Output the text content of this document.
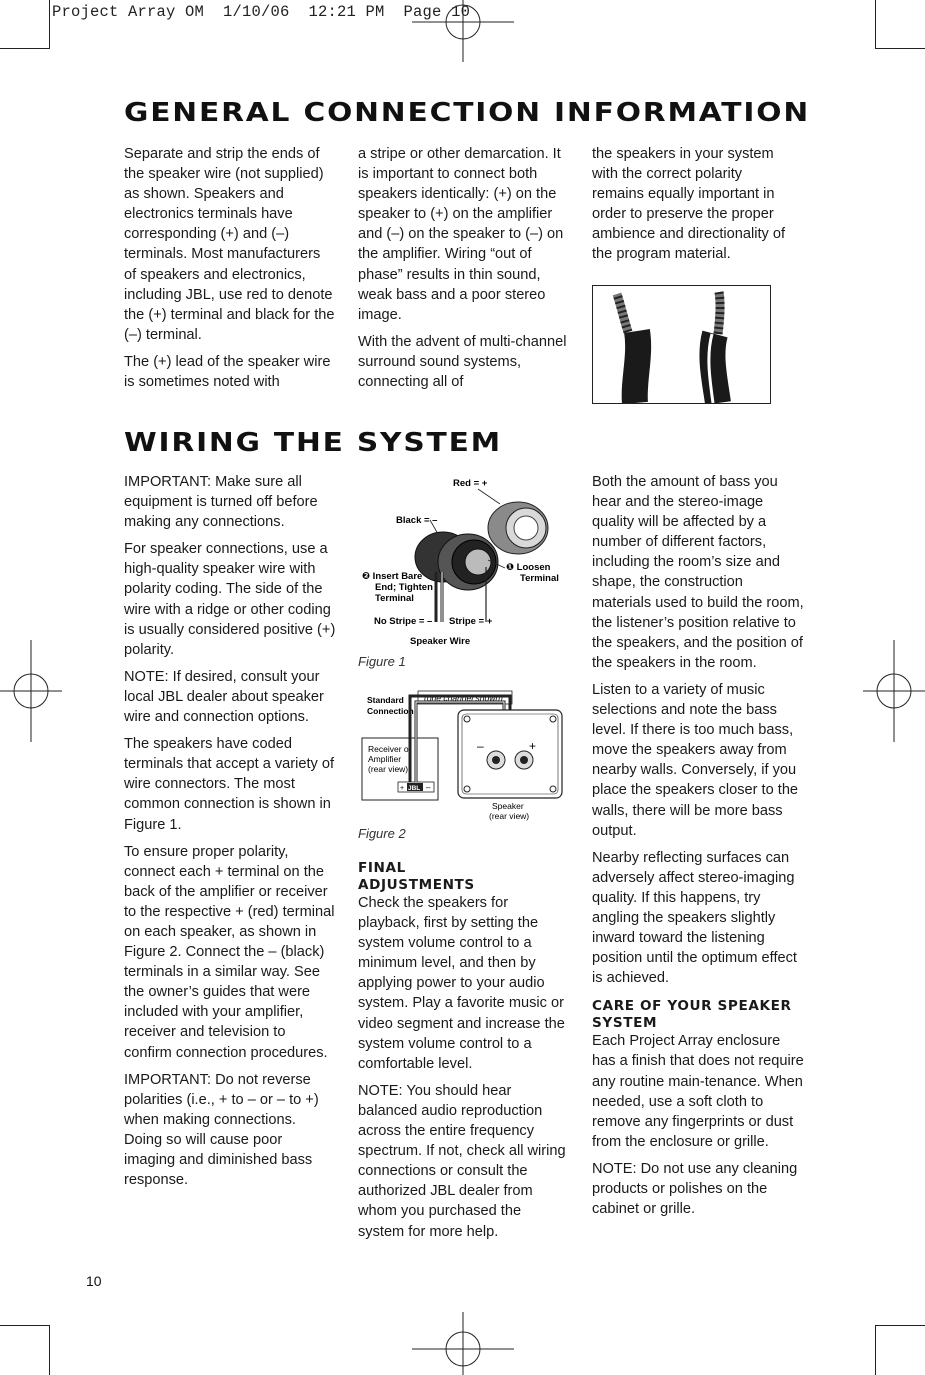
Project Array OM  1/10/06  12:21 PM  Page 10
GENERAL CONNECTION INFORMATION

Separate and strip the ends of the speaker wire (not supplied) as shown. Speakers and electronics terminals have corresponding (+) and (–) terminals. Most manufacturers of speakers and electronics, including JBL, use red to denote the (+) terminal and black for the (–) terminal.

The (+) lead of the speaker wire is sometimes noted with

a stripe or other demarcation. It is important to connect both speakers identically: (+) on the speaker to (+) on the amplifier and (–) on the speaker to (–) on the amplifier. Wiring “out of phase” results in thin sound, weak bass and a poor stereo image.

With the advent of multi-channel surround sound systems, connecting all of

the speakers in your system with the correct polarity remains equally important in order to preserve the proper ambience and directionality of the program material.

WIRING THE SYSTEM

IMPORTANT: Make sure all equipment is turned off before making any connections.

For speaker connections, use a high-quality speaker wire with polarity coding. The side of the wire with a ridge or other coding is usually considered positive (+) polarity.

NOTE: If desired, consult your local JBL dealer about speaker wire and connection options.

The speakers have coded terminals that accept a variety of wire connectors. The most common connection is shown in Figure 1.

To ensure proper polarity, connect each + terminal on the back of the amplifier or receiver to the respective + (red) terminal on each speaker, as shown in Figure 2. Connect the – (black) terminals in a similar way. See the owner’s guides that were included with your amplifier, receiver and television to confirm connection procedures.

IMPORTANT: Do not reverse polarities (i.e., + to – or – to +) when making connections. Doing so will cause poor imaging and diminished bass response.

Red = +
Black = –
❶ Loosen
Terminal
❷ Insert Bare
End; Tighten
Terminal
No Stripe = – Stripe = +
Speaker Wire
Figure 1
Standard
Connection
(one channel shown)
Receiver or
Amplifier
(rear view)
+ JBL –
–	+
Speaker
(rear view)
Figure 2
FINAL ADJUSTMENTS

Check the speakers for playback, first by setting the system volume control to a minimum level, and then by applying power to your audio system. Play a favorite music or video segment and increase the system volume control to a comfortable level.

NOTE: You should hear balanced audio reproduction across the entire frequency spectrum. If not, check all wiring connections or consult the authorized JBL dealer from whom you purchased the system for more help.

Both the amount of bass you hear and the stereo-image quality will be affected by a number of different factors, including the room’s size and shape, the construction materials used to build the room, the listener’s position relative to the speakers, and the position of the speakers in the room.

Listen to a variety of music selections and note the bass level. If there is too much bass, move the speakers away from nearby walls. Conversely, if you place the speakers closer to the walls, there will be more bass output.

Nearby reflecting surfaces can adversely affect stereo-imaging quality. If this happens, try angling the speakers slightly inward toward the listening position until the optimum effect is achieved.

CARE OF YOUR SPEAKER SYSTEM

Each Project Array enclosure has a finish that does not require any routine main-tenance. When needed, use a soft cloth to remove any fingerprints or dust from the enclosure or grille.

NOTE: Do not use any cleaning products or polishes on the cabinet or grille.

10
